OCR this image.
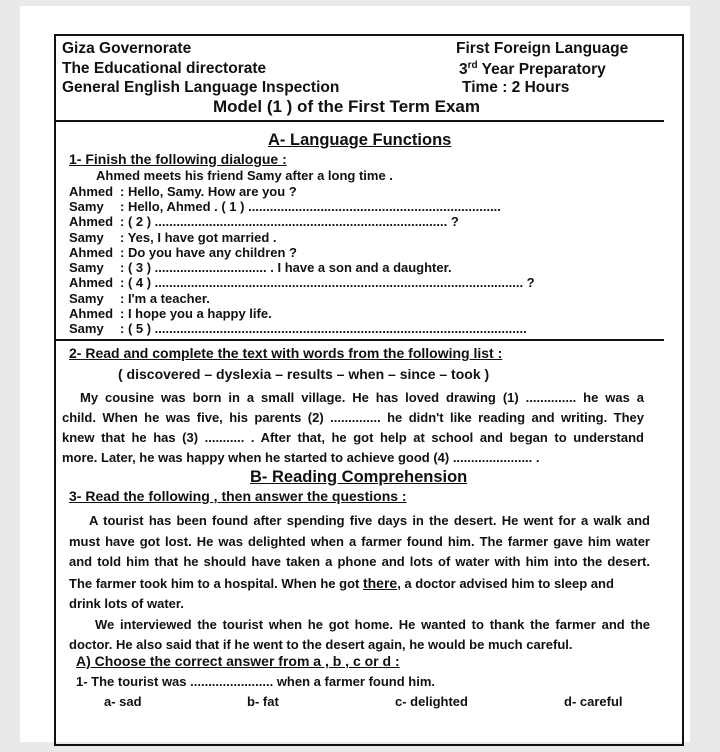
Giza Governorate
The Educational directorate
General English Language Inspection
First Foreign Language
3rd Year Preparatory
Time : 2 Hours
Model (1 ) of the First Term Exam
A- Language Functions
1- Finish the following dialogue :
Ahmed meets his friend Samy after a long time .
Ahmed : Hello, Samy. How are you ?
Samy : Hello, Ahmed . ( 1 ) ......................................................................
Ahmed : ( 2 ) ................................................................................. ?
Samy : Yes, I have got married .
Ahmed : Do you have any children ?
Samy : ( 3 ) ............................... . I have a son and a daughter.
Ahmed : ( 4 ) ...................................................................................................... ?
Samy : I'm a teacher.
Ahmed : I hope you a happy life.
Samy : ( 5 ) .......................................................................................................
2- Read and complete the text with words from the following list :
( discovered – dyslexia – results – when – since – took )
My cousine was born in a small village. He has loved drawing (1) .............. he was a
child. When he was five, his parents (2) .............. he didn't like reading and writing. They
knew that he has (3) ........... . After that, he got help at school and began to understand
more. Later, he was happy when he started to achieve good (4) ...................... .
B- Reading Comprehension
3- Read the following , then answer the questions :
A tourist has been found after spending five days in the desert. He went for a walk and
must have got lost. He was delighted when a farmer found him. The farmer gave him water
and told him that he should have taken a phone and lots of water with him into the desert.
The farmer took him to a hospital. When he got there, a doctor advised him to sleep and
drink lots of water.
We interviewed the tourist when he got home. He wanted to thank the farmer and the
doctor. He also said that if he went to the desert again, he would be much careful.
A) Choose the correct answer from a , b , c or d :
1- The tourist was ....................... when a farmer found him.
a- sad	b- fat	c- delighted	d- careful
